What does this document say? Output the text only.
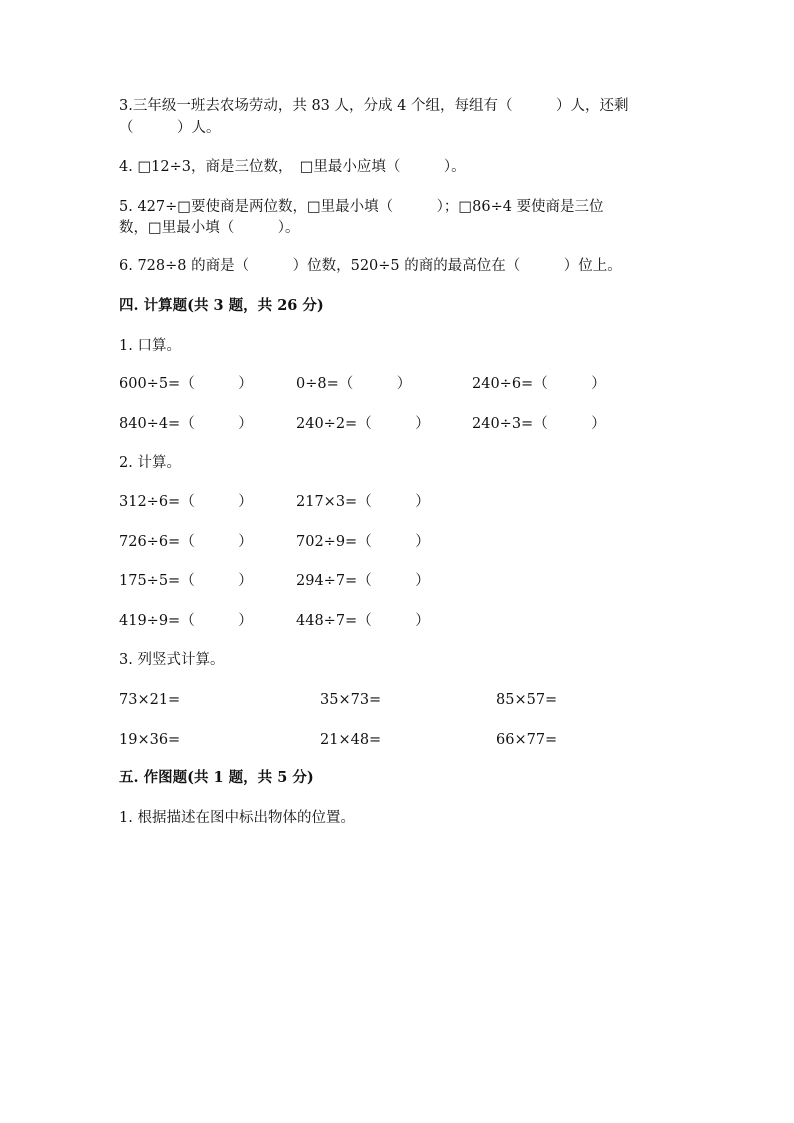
3.三年级一班去农场劳动，共 83 人，分成 4 个组，每组有（　　　）人，还剩
（　　　）人。
4. □12÷3，商是三位数，　□里最小应填（　　　）。
5. 427÷□要使商是两位数，□里最小填（　　　）；□86÷4 要使商是三位
数，□里最小填（　　　）。
6. 728÷8 的商是（　　　）位数，520÷5 的商的最高位在（　　　）位上。
四. 计算题(共 3 题，共 26 分)
1. 口算。
600÷5=（　　　）	0÷8=（　　　）	240÷6=（　　　）
840÷4=（　　　）	240÷2=（　　　）	240÷3=（　　　）
2. 计算。
312÷6=（　　　）	217×3=（　　　）
726÷6=（　　　）	702÷9=（　　　）
175÷5=（　　　）	294÷7=（　　　）
419÷9=（　　　）	448÷7=（　　　）
3. 列竖式计算。
73×21=	35×73=	85×57=
19×36=	21×48=	66×77=
五. 作图题(共 1 题，共 5 分)
1. 根据描述在图中标出物体的位置。
